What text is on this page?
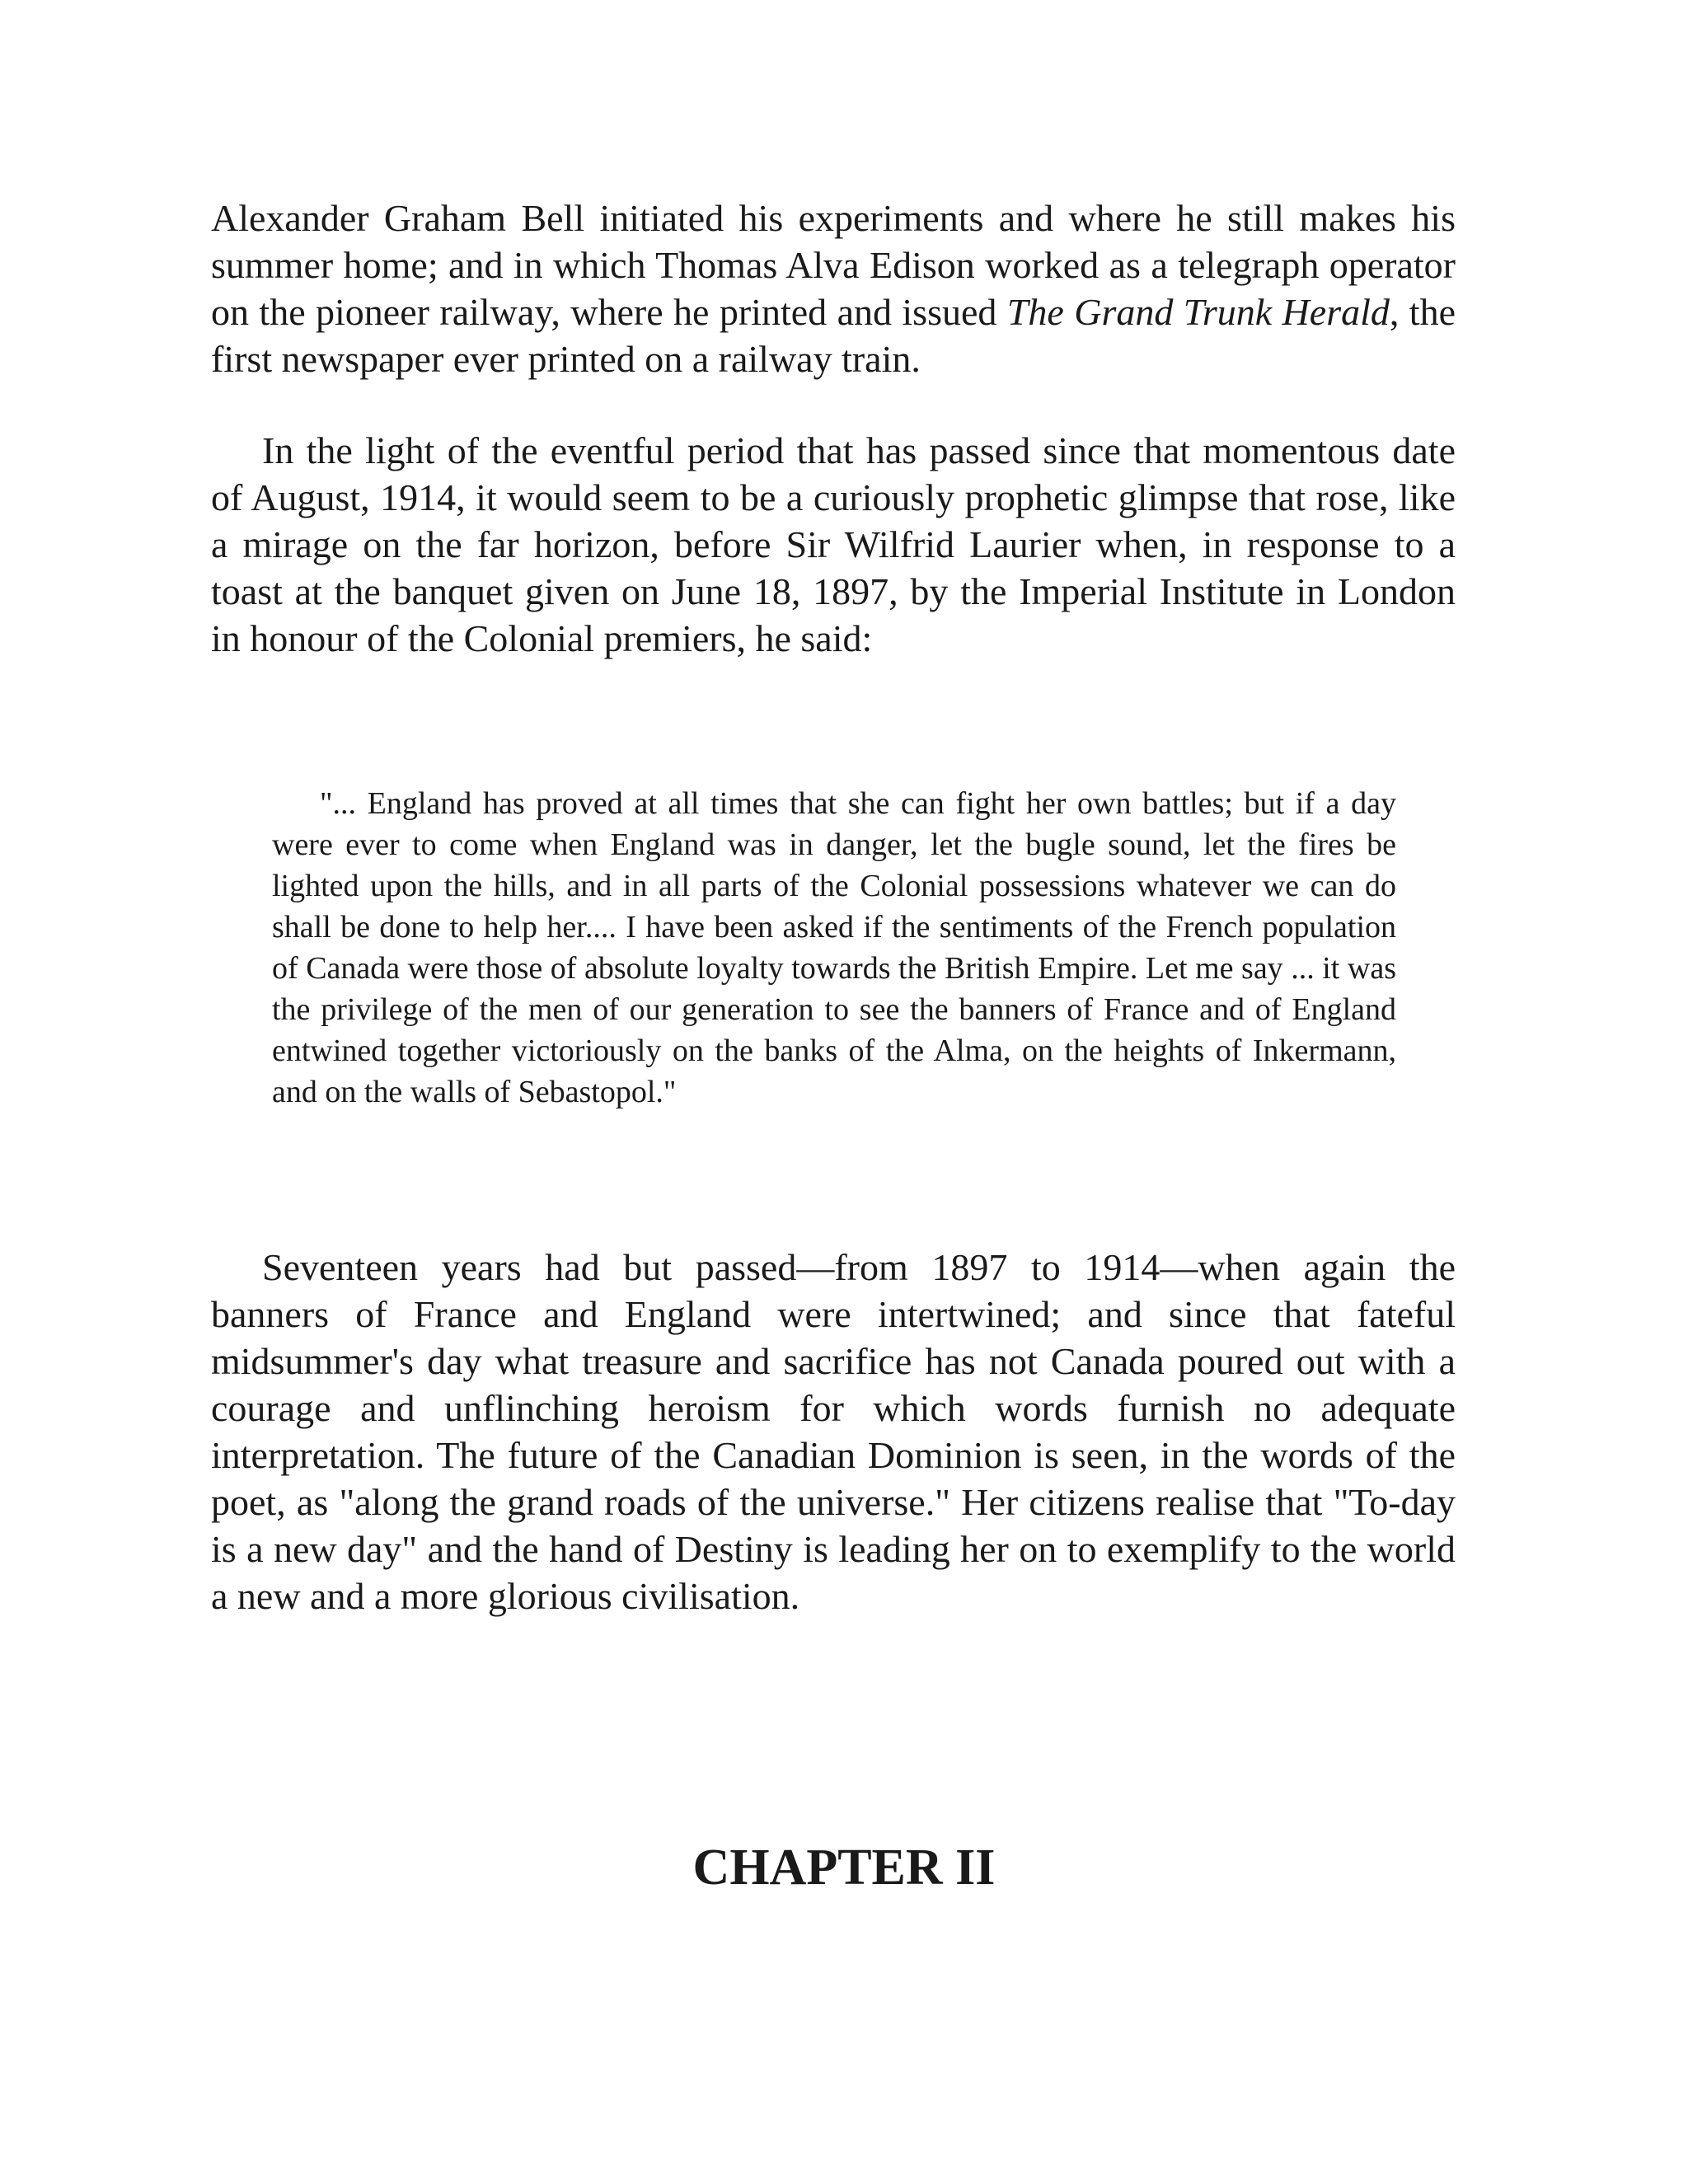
Alexander Graham Bell initiated his experiments and where he still makes his summer home; and in which Thomas Alva Edison worked as a telegraph operator on the pioneer railway, where he printed and issued The Grand Trunk Herald, the first newspaper ever printed on a railway train.

In the light of the eventful period that has passed since that momentous date of August, 1914, it would seem to be a curiously prophetic glimpse that rose, like a mirage on the far horizon, before Sir Wilfrid Laurier when, in response to a toast at the banquet given on June 18, 1897, by the Imperial Institute in London in honour of the Colonial premiers, he said:

"... England has proved at all times that she can fight her own battles; but if a day were ever to come when England was in danger, let the bugle sound, let the fires be lighted upon the hills, and in all parts of the Colonial possessions whatever we can do shall be done to help her.... I have been asked if the sentiments of the French population of Canada were those of absolute loyalty towards the British Empire. Let me say ... it was the privilege of the men of our generation to see the banners of France and of England entwined together victoriously on the banks of the Alma, on the heights of Inkermann, and on the walls of Sebastopol."

Seventeen years had but passed—from 1897 to 1914—when again the banners of France and England were intertwined; and since that fateful midsummer's day what treasure and sacrifice has not Canada poured out with a courage and unflinching heroism for which words furnish no adequate interpretation. The future of the Canadian Dominion is seen, in the words of the poet, as "along the grand roads of the universe." Her citizens realise that "To-day is a new day" and the hand of Destiny is leading her on to exemplify to the world a new and a more glorious civilisation.

CHAPTER II
